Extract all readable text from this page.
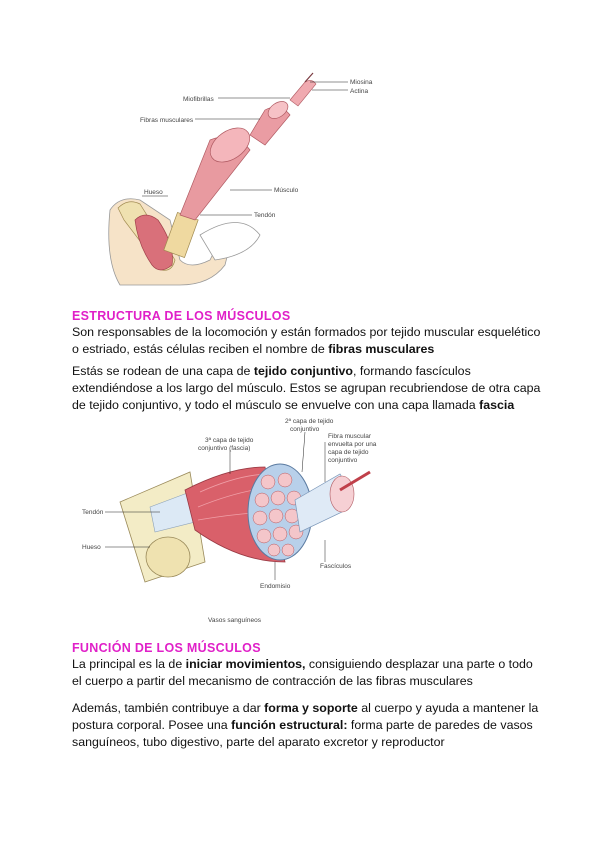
Miosina
Actina
Miofibrillas
Fibras musculares
Hueso	Músculo
Tendón
ESTRUCTURA DE LOS MÚSCULOS

Son responsables de la locomoción y están formados por tejido muscular esquelético o estriado, estás células reciben el nombre de fibras musculares

Estás se rodean de una capa de tejido conjuntivo, formando fascículos extendiéndose a los largo del músculo. Estos se agrupan recubriendose de otra capa de tejido conjuntivo, y todo el músculo se envuelve con una capa llamada fascia

2ª capa de tejido
conjuntivo
3ª capa de tejido
conjuntivo (fascia)
Fibra muscular
envuelta por una
capa de tejido
conjuntivo
Tendón
Hueso
Fascículos
Endomisio
Vasos sanguíneos
FUNCIÓN DE LOS MÚSCULOS

La principal es la de iniciar movimientos, consiguiendo desplazar una parte o todo el cuerpo a partir del mecanismo de contracción de las fibras musculares

Además, también contribuye a dar forma y soporte al cuerpo y ayuda a mantener la postura corporal. Posee una función estructural: forma parte de paredes de vasos sanguíneos, tubo digestivo, parte del aparato excretor y reproductor
